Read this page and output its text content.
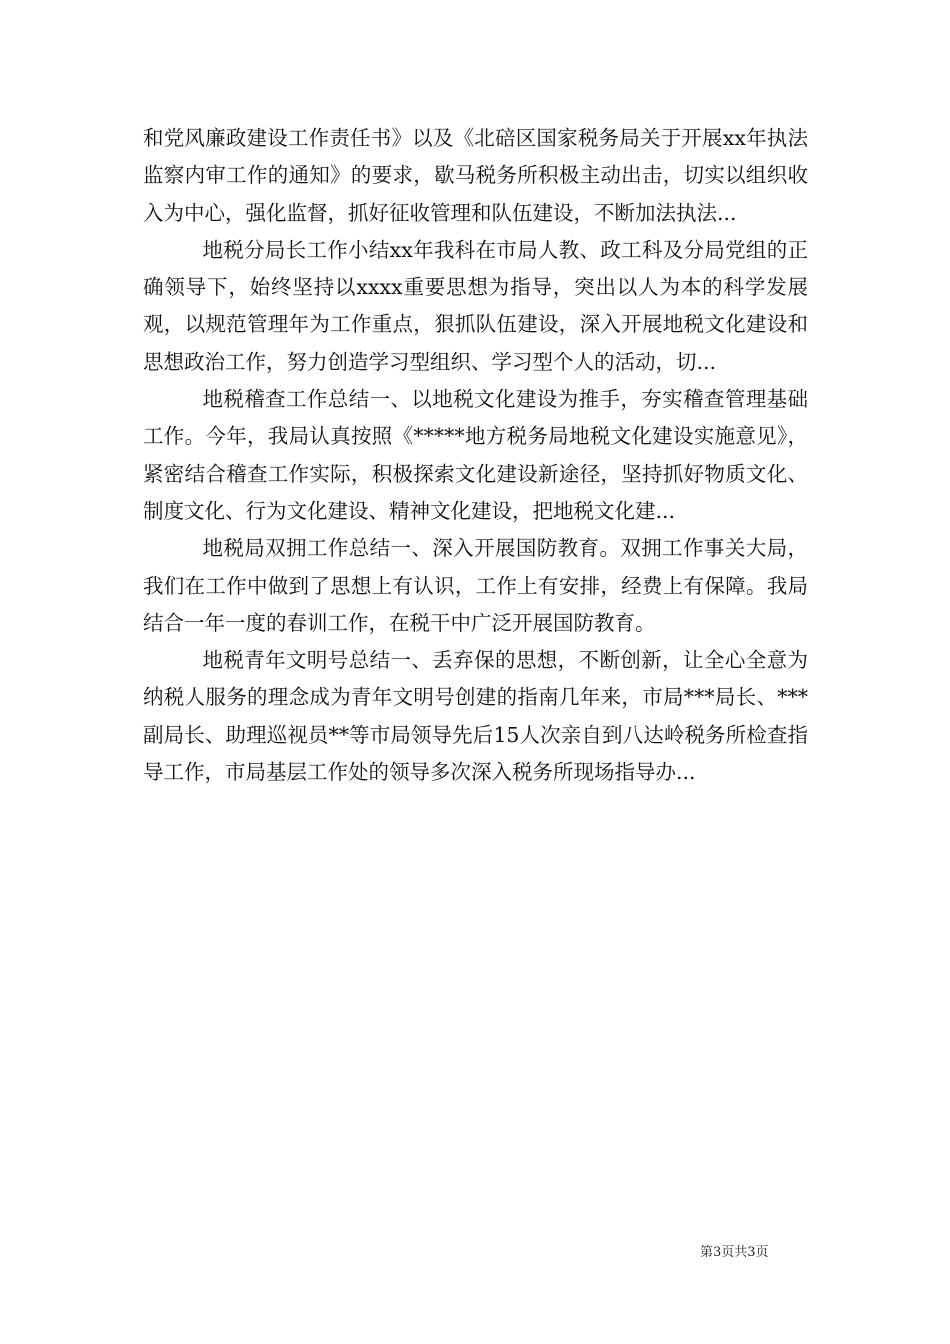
和党风廉政建设工作责任书》以及《北碚区国家税务局关于开展xx年执法监察内审工作的通知》的要求，歇马税务所积极主动出击，切实以组织收入为中心，强化监督，抓好征收管理和队伍建设，不断加法执法...

地税分局长工作小结xx年我科在市局人教、政工科及分局党组的正确领导下，始终坚持以xxxx重要思想为指导，突出以人为本的科学发展观，以规范管理年为工作重点，狠抓队伍建设，深入开展地税文化建设和思想政治工作，努力创造学习型组织、学习型个人的活动，切...

地税稽查工作总结一、以地税文化建设为推手，夯实稽查管理基础工作。今年，我局认真按照《*****地方税务局地税文化建设实施意见》，紧密结合稽查工作实际，积极探索文化建设新途径，坚持抓好物质文化、制度文化、行为文化建设、精神文化建设，把地税文化建...

地税局双拥工作总结一、深入开展国防教育。双拥工作事关大局，我们在工作中做到了思想上有认识，工作上有安排，经费上有保障。我局结合一年一度的春训工作，在税干中广泛开展国防教育。

地税青年文明号总结一、丢弃保的思想，不断创新，让全心全意为纳税人服务的理念成为青年文明号创建的指南几年来，市局***局长、***副局长、助理巡视员**等市局领导先后15人次亲自到八达岭税务所检查指导工作，市局基层工作处的领导多次深入税务所现场指导办...

第3页共3页
